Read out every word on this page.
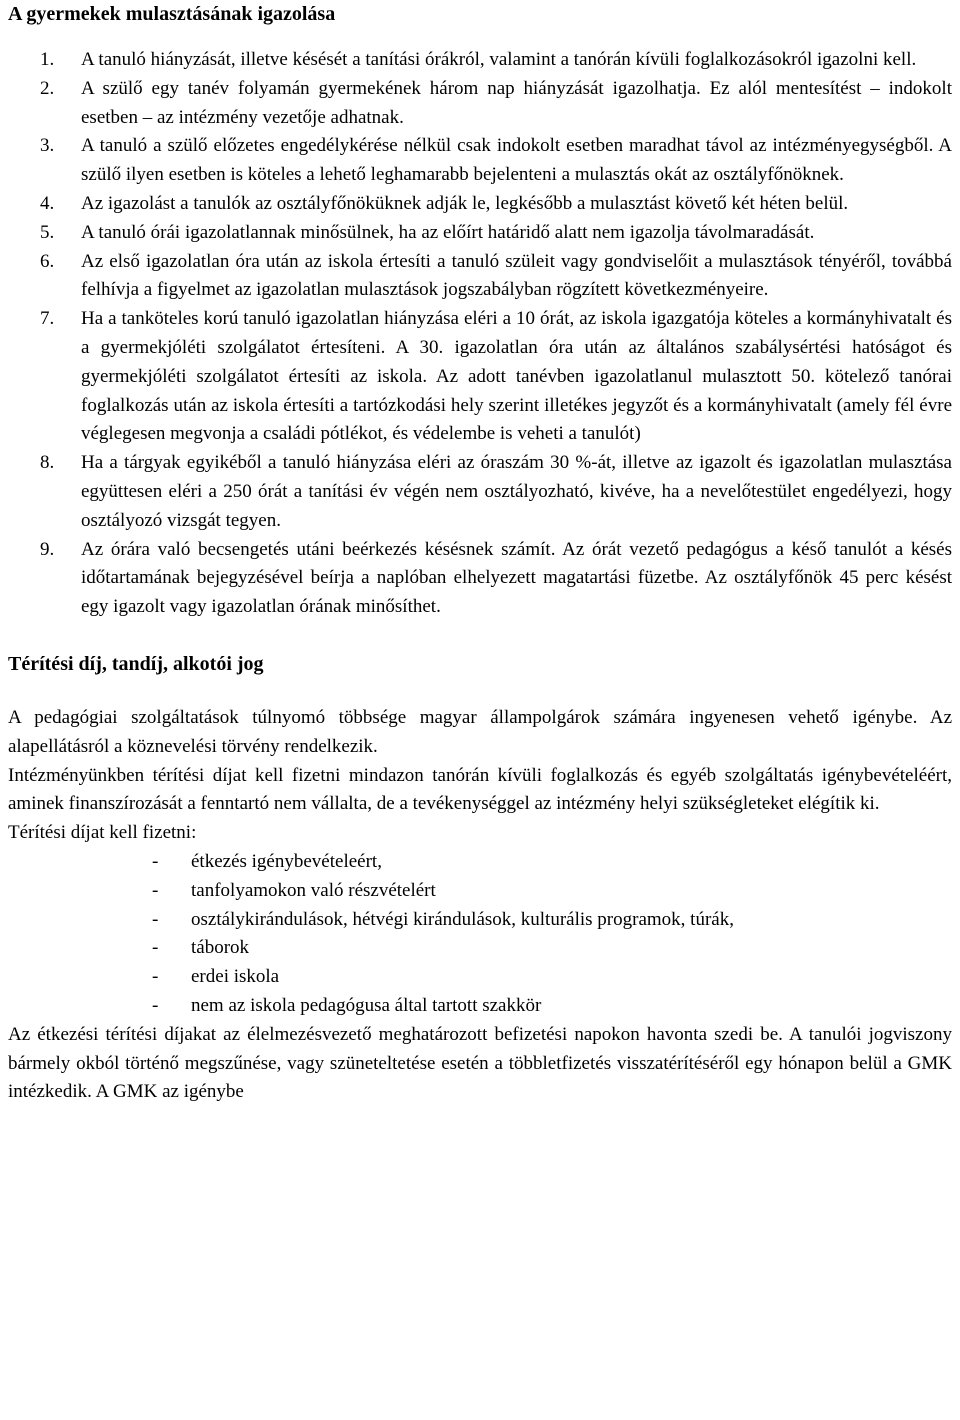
A gyermekek mulasztásának igazolása
1. A tanuló hiányzását, illetve késését a tanítási órákról, valamint a tanórán kívüli foglalkozásokról igazolni kell.
2. A szülő egy tanév folyamán gyermekének három nap hiányzását igazolhatja. Ez alól mentesítést – indokolt esetben – az intézmény vezetője adhatnak.
3. A tanuló a szülő előzetes engedélykérése nélkül csak indokolt esetben maradhat távol az intézményegységből. A szülő ilyen esetben is köteles a lehető leghamarabb bejelenteni a mulasztás okát az osztályfőnöknek.
4. Az igazolást a tanulók az osztályfőnöküknek adják le, legkésőbb a mulasztást követő két héten belül.
5. A tanuló órái igazolatlannak minősülnek, ha az előírt határidő alatt nem igazolja távolmaradását.
6. Az első igazolatlan óra után az iskola értesíti a tanuló szüleit vagy gondviselőit a mulasztások tényéről, továbbá felhívja a figyelmet az igazolatlan mulasztások jogszabályban rögzített következményeire.
7. Ha a tanköteles korú tanuló igazolatlan hiányzása eléri a 10 órát, az iskola igazgatója köteles a kormányhivatalt és a gyermekjóléti szolgálatot értesíteni. A 30. igazolatlan óra után az általános szabálysértési hatóságot és gyermekjóléti szolgálatot értesíti az iskola. Az adott tanévben igazolatlanul mulasztott 50. kötelező tanórai foglalkozás után az iskola értesíti a tartózkodási hely szerint illetékes jegyzőt és a kormányhivatalt (amely fél évre véglegesen megvonja a családi pótlékot, és védelembe is veheti a tanulót)
8. Ha a tárgyak egyikéből a tanuló hiányzása eléri az óraszám 30 %-át, illetve az igazolt és igazolatlan mulasztása együttesen eléri a 250 órát a tanítási év végén nem osztályozható, kivéve, ha a nevelőtestület engedélyezi, hogy osztályozó vizsgát tegyen.
9. Az órára való becsengetés utáni beérkezés késésnek számít. Az órát vezető pedagógus a késő tanulót a késés időtartamának bejegyzésével beírja a naplóban elhelyezett magatartási füzetbe. Az osztályfőnök 45 perc késést egy igazolt vagy igazolatlan órának minősíthet.
Térítési díj, tandíj, alkotói jog

A pedagógiai szolgáltatások túlnyomó többsége magyar állampolgárok számára ingyenesen vehető igénybe. Az alapellátásról a köznevelési törvény rendelkezik.

Intézményünkben térítési díjat kell fizetni mindazon tanórán kívüli foglalkozás és egyéb szolgáltatás igénybevételéért, aminek finanszírozását a fenntartó nem vállalta, de a tevékenységgel az intézmény helyi szükségleteket elégítik ki.

Térítési díjat kell fizetni:

- étkezés igénybevételeért,
- tanfolyamokon való részvételért
- osztálykirándulások, hétvégi kirándulások, kulturális programok, túrák,
- táborok
- erdei iskola
- nem az iskola pedagógusa által tartott szakkör

Az étkezési térítési díjakat az élelmezésvezető meghatározott befizetési napokon havonta szedi be. A tanulói jogviszony bármely okból történő megszűnése, vagy szüneteltetése esetén a többletfizetés visszatérítéséről egy hónapon belül a GMK intézkedik. A GMK az igénybe
